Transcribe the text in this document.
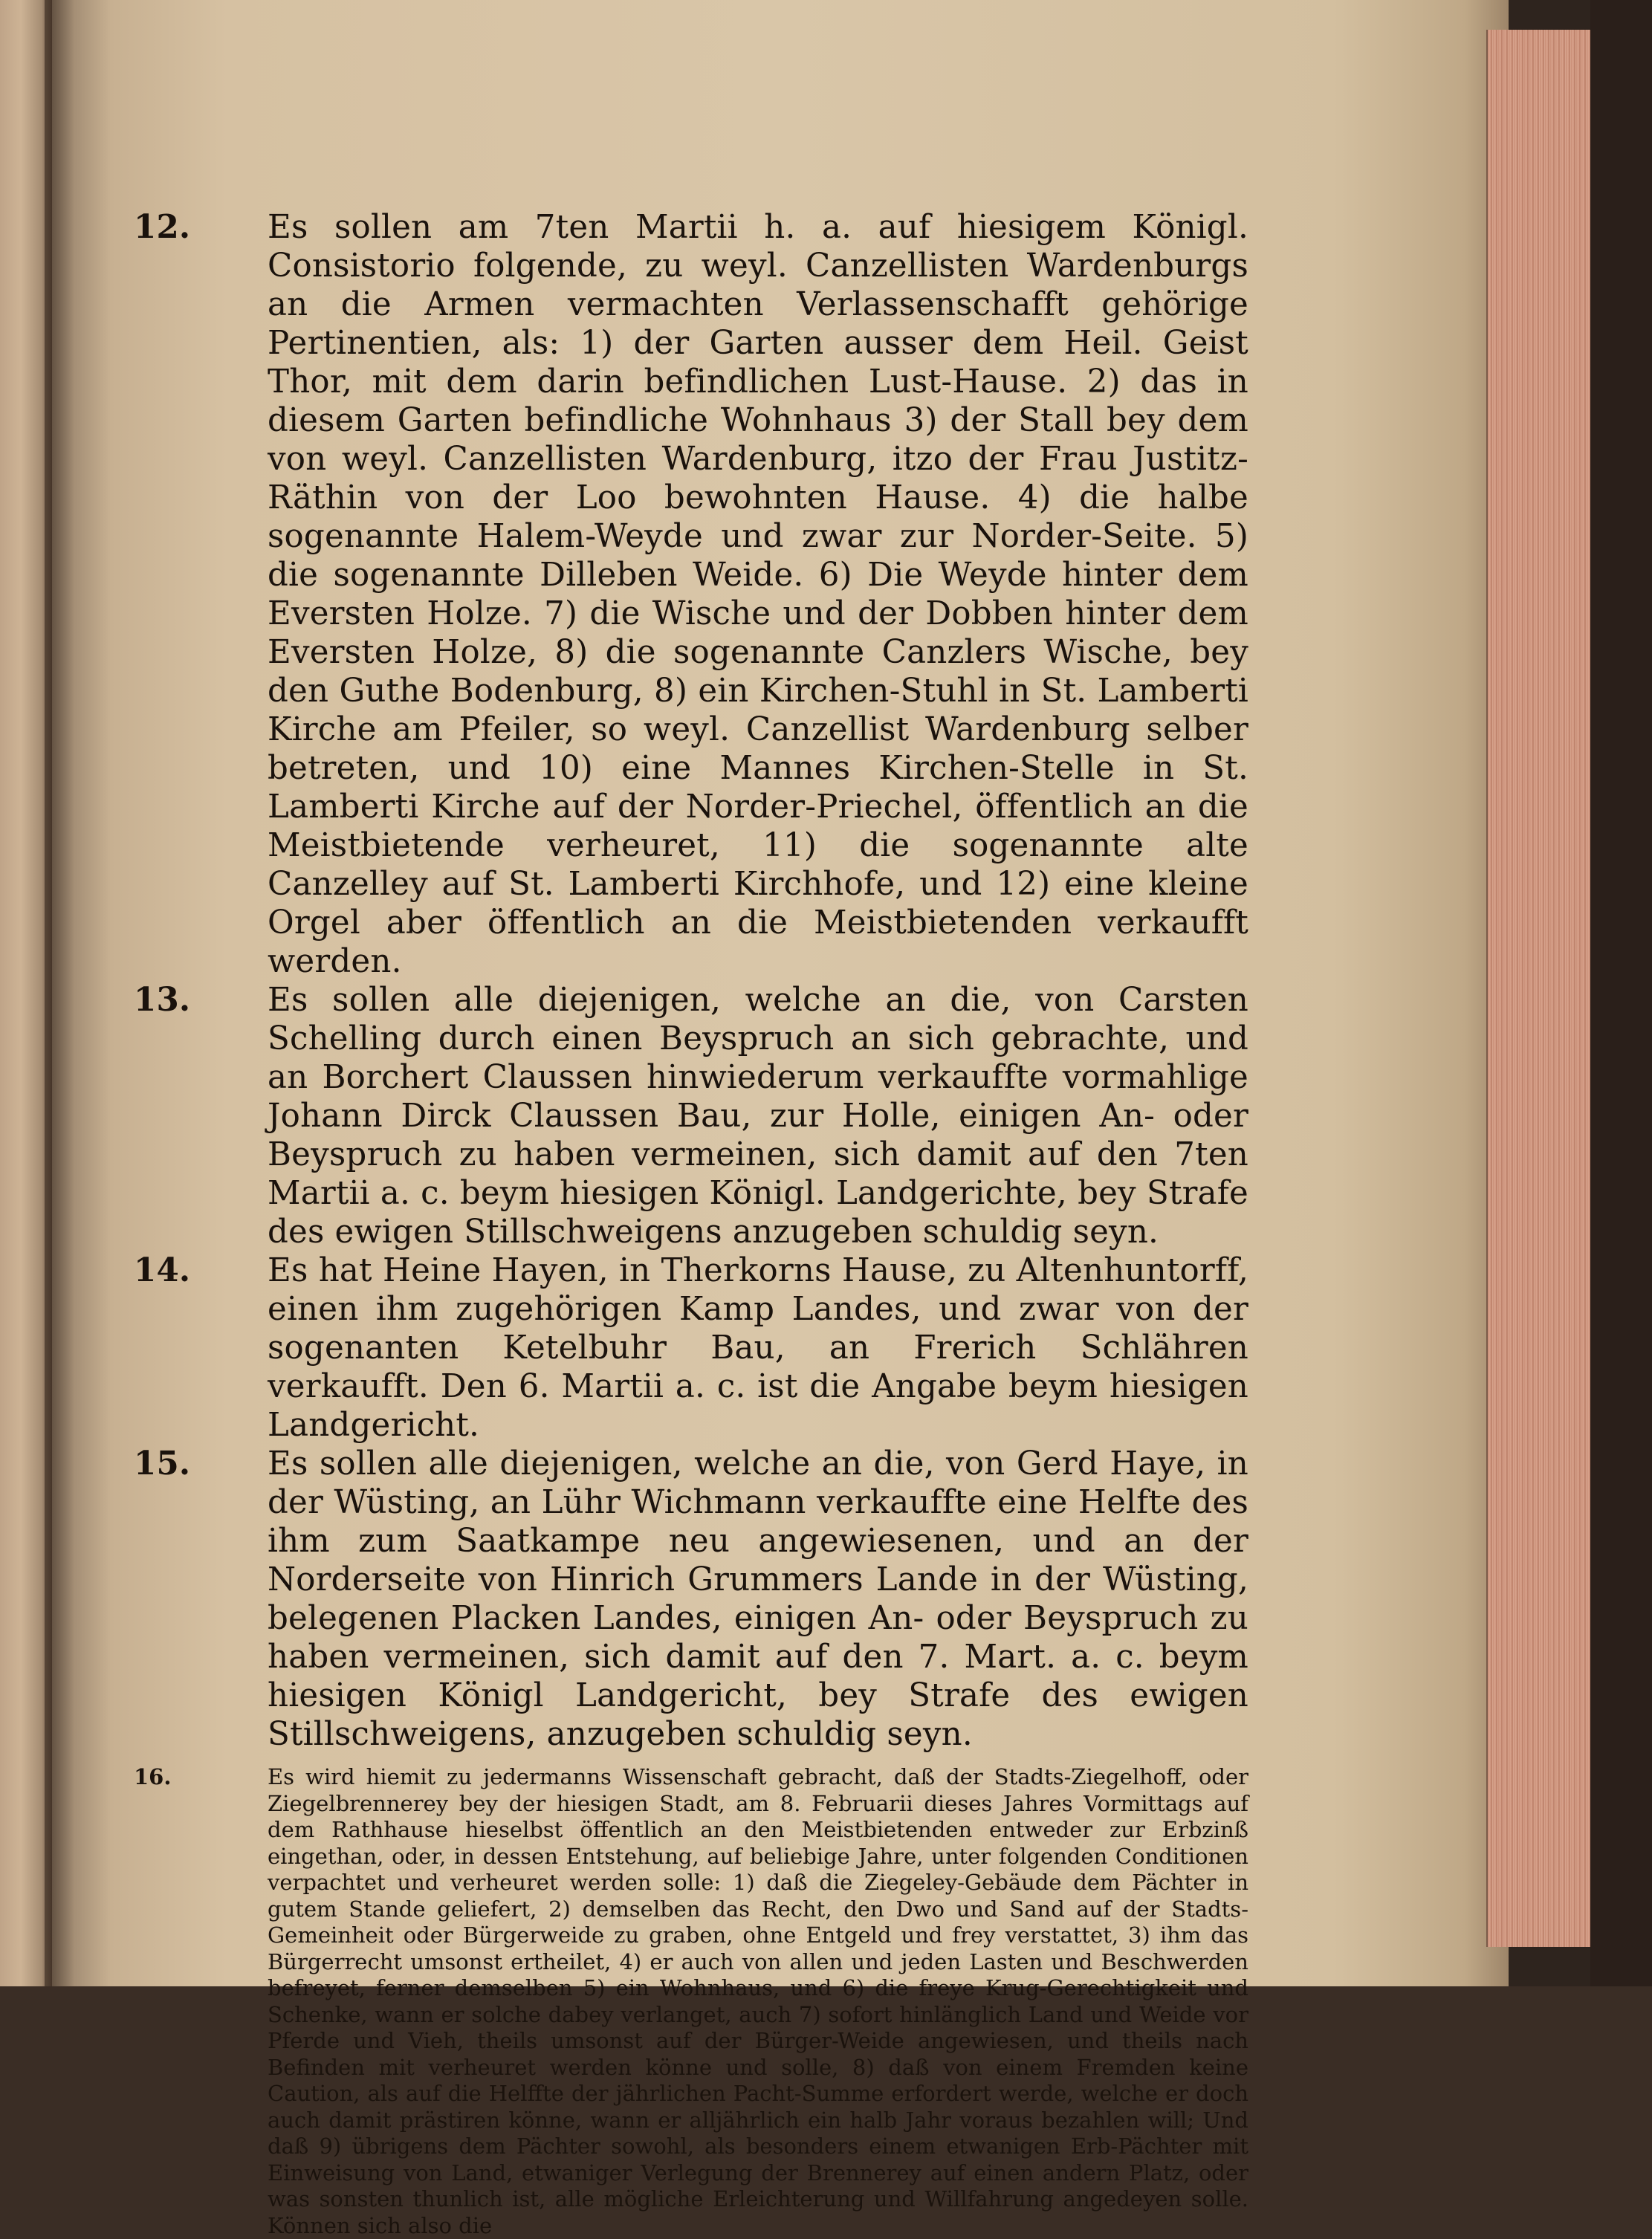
12.	Es sollen am 7ten Martii h. a. auf hiesigem Königl. Consistorio folgende, zu weyl. Canzellisten Wardenburgs an die Armen vermachten Verlassenschafft gehörige Pertinentien, als: 1) der Garten ausser dem Heil. Geist Thor, mit dem darin befindlichen Lust-Hause. 2) das in diesem Garten befindliche Wohnhaus 3) der Stall bey dem von weyl. Canzellisten Wardenburg, itzo der Frau Justitz-Räthin von der Loo bewohnten Hause. 4) die halbe sogenannte Halem-Weyde und zwar zur Norder-Seite. 5) die sogenannte Dilleben Weide. 6) Die Weyde hinter dem Eversten Holze. 7) die Wische und der Dobben hinter dem Eversten Holze, 8) die sogenannte Canzlers Wische, bey den Guthe Bodenburg, 8) ein Kirchen-Stuhl in St. Lamberti Kirche am Pfeiler, so weyl. Canzellist Wardenburg selber betreten, und 10) eine Mannes Kirchen-Stelle in St. Lamberti Kirche auf der Norder-Priechel, öffentlich an die Meistbietende verheuret, 11) die sogenannte alte Canzelley auf St. Lamberti Kirchhofe, und 12) eine kleine Orgel aber öffentlich an die Meistbietenden verkaufft werden.

13.	Es sollen alle diejenigen, welche an die, von Carsten Schelling durch einen Beyspruch an sich gebrachte, und an Borchert Claussen hinwiederum verkauffte vormahlige Johann Dirck Claussen Bau, zur Holle, einigen An- oder Beyspruch zu haben vermeinen, sich damit auf den 7ten Martii a. c. beym hiesigen Königl. Landgerichte, bey Strafe des ewigen Stillschweigens anzugeben schuldig seyn.

14.	Es hat Heine Hayen, in Therkorns Hause, zu Altenhuntorff, einen ihm zugehörigen Kamp Landes, und zwar von der sogenanten Ketelbuhr Bau, an Frerich Schlähren verkaufft. Den 6. Martii a. c. ist die Angabe beym hiesigen Landgericht.

15.	Es sollen alle diejenigen, welche an die, von Gerd Haye, in der Wüsting, an Lühr Wichmann verkauffte eine Helfte des ihm zum Saatkampe neu angewiesenen, und an der Norderseite von Hinrich Grummers Lande in der Wüsting, belegenen Placken Landes, einigen An- oder Beyspruch zu haben vermeinen, sich damit auf den 7. Mart. a. c. beym hiesigen Königl Landgericht, bey Strafe des ewigen Stillschweigens, anzugeben schuldig seyn.

16.	Es wird hiemit zu jedermanns Wissenschaft gebracht, daß der Stadts-Ziegelhoff, oder Ziegelbrennerey bey der hiesigen Stadt, am 8. Februarii dieses Jahres Vormittags auf dem Rathhause hieselbst öffentlich an den Meistbietenden entweder zur Erbzinß eingethan, oder, in dessen Entstehung, auf beliebige Jahre, unter folgenden Conditionen verpachtet und verheuret werden solle: 1) daß die Ziegeley-Gebäude dem Pächter in gutem Stande geliefert, 2) demselben das Recht, den Dwo und Sand auf der Stadts-Gemeinheit oder Bürgerweide zu graben, ohne Entgeld und frey verstattet, 3) ihm das Bürgerrecht umsonst ertheilet, 4) er auch von allen und jeden Lasten und Beschwerden befreyet, ferner demselben 5) ein Wohnhaus, und 6) die freye Krug-Gerechtigkeit und Schenke, wann er solche dabey verlanget, auch 7) sofort hinlänglich Land und Weide vor Pferde und Vieh, theils umsonst auf der Bürger-Weide angewiesen, und theils nach Befinden mit verheuret werden könne und solle, 8) daß von einem Fremden keine Caution, als auf die Helffte der jährlichen Pacht-Summe erfordert werde, welche er doch auch damit prästiren könne, wann er alljährlich ein halb Jahr voraus bezahlen will; Und daß 9) übrigens dem Pächter sowohl, als besonders einem etwanigen Erb-Pächter mit Einweisung von Land, etwaniger Verlegung der Brennerey auf einen andern Platz, oder was sonsten thunlich ist, alle mögliche Erleichterung und Willfahrung angedeyen solle. Können sich also die
